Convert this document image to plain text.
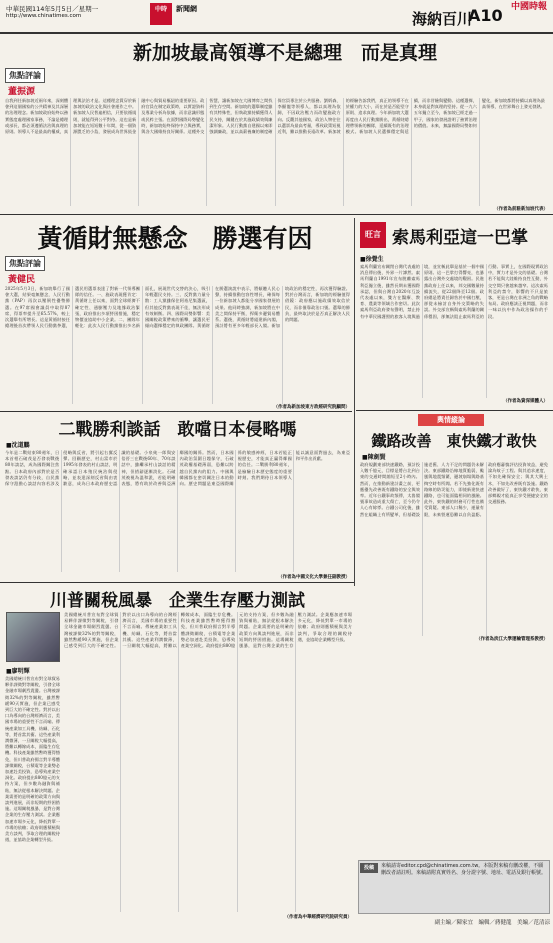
中華民國114年5月5日／星期一
http://www.chinatimes.com
中時	新聞網
海納百川
A10 中國時報
新加坡最高領導不是總理　而是真理
焦點評論
董振源
自我到任新加坡近兩年來，深刻體會到這個國家的公共精神及其深層的治理理念。新加坡政府始終以務實態度處理國家事務，不論是總理或部長，都必須遵循法治與真理的原則。領導人不是最高的權威，真理與法治才是。這種理念貫穿於新加坡的政治文化與社會運作之中。新加坡人民普遍相信，只要依循規則，就能得到公平對待。這也是新加坡能在短短數十年間，從一個資源匱乏的小島，發展成為世界級金融中心與貿易樞紐的重要原因。政府官員在制定政策時，以實證資料及專業分析為依據，而非意識形態或民粹主張。在面對國際局勢變化時，新加坡始終保持中立與務實，與各大國維持良好關係。這種外交智慧，讓新加坡在大國博弈之間找到生存空間。新加坡的選舉制度雖有其特殊性，但執政黨持續獲得人民支持，關鍵在於其施政績效與廉潔形象。人民行動黨自建國以來即強調廉政，並以高薪養廉的制度確保官員專注於公共服務。劉炳森、李顯龍等領導人，都以真理為依歸，不因政治壓力而改變施政方向。反觀其他國家，政治人物往往以選票為最高考量，導致政策短視近利，難以推動長遠改革。新加坡的經驗告訴我們，真正的領導不在於權力的大小，而在於是否能堅守原則、追求真理。今年新加坡大選再度由人民行動黨勝出，黃循財總理帶領新的團隊，延續既有的治理模式。新加坡人民選擇穩定與延續，而非冒險與變動。這種選擇，本身就是對真理的堅持。從一九六五年獨立至今，新加坡已經走過一甲子，國家的發展證明了務實治理的價值。未來，無論國際局勢如何變化，新加坡都將持續以真理為最高領導，在世界舞台上發光發熱。
（作者為前駐新加坡代表）
黃循財無懸念　勝選有因
焦點評論
黃健民
2025年5月3日，新加坡舉行了國會大選，結果毫無懸念，人民行動黨（PAP）再次以壓倒性優勢勝選。在97席國會議員中取得87席，得票率提升至65.57%，較上次選舉有所增長。這是黃循財接任總理後首次帶領人民行動黨參選，選民用選票表達了對新一代領導團隊的信任。一、施政表現獲肯定：黃循財上任以來，面對全球經濟不確定性、通膨壓力及地緣政治緊張，政府推出多項紓困措施，穩定物價並協助中小企業。二、團隊年輕化：此次人民行動黨推出多名新面孔，展現世代交替的決心，吸引年輕選民支持。三、反對黨力量分散：工人黨雖保住阿裕尼集選區，但其他反對黨表現不佳，無法形成有效制衡。四、國際局勢影響：美國關稅政策帶來的衝擊，讓選民更傾向選擇穩定的執政團隊。黃循財在勝選演說中表示，將傾聽人民心聲，持續推動包容性增長，確保每一位新加坡人都能分享國家發展的成果。他同時強調，新加坡將在中美之間保持平衡，捍衛多邊貿易體系。選後，黃循財將組建新內閣，預計將有更多年輕部長入閣。新加坡政治的穩定性，再次獲得驗證。對於台灣而言，新加坡的經驗值得借鏡：政府應以施政績效取信於民，而非僅靠政治口號。選舉的勝負，最終取決於是否真正解決人民的問題。
（作者為新加坡東方政經研究院顧問）
旺言 索馬利亞這一巴掌
■徐覺生
索馬利蘭宣布關閉台灣代表處的消息傳出後，外界一片譁然。索馬利蘭自1991年宣布脫離索馬利亞獨立後，雖然長期未獲國際承認，但與台灣自2020年互設代表處以來，雙方在醫療、教育、農業等領域合作密切。此次索馬利亞政府發布聲明，禁止持有中華民國護照的旅客入境與過境，並宣稱此舉是基於一個中國原則。這一巴掌打得響亮，也暴露出台灣外交處境的艱困。民進黨政府上任以來，邦交國數量持續流失，從22個降至12個。政府總是將責任歸咎於中國打壓，卻從未檢討自身外交策略的失誤。外交部宣稱與索馬利蘭的關係穩固，卻無法阻止索馬利亞的行動。事實上，在國際現實政治中，實力才是外交的基礎。台灣若不能與大陸維持良性互動，外交空間只會越來越窄。這次索馬利亞的禁令，影響的不只是旅客，更是台灣在非洲之角的戰略布局。政府應該正視問題，而非一味以抗中作為政治操作的手段。
（作者為資深媒體人）
二戰勝利談話　敢噹日本侵略嗎
■沈道鵬
今年是二戰結束80週年，日本首相石破茂是否發表戰後80年談話，成為國際關注焦點。日本政府內部對於是否發表談話仍有分歧，自民黨保守派擔心談話內容若涉及侵略與反省，將引起右翼反彈。回顧歷史，村山富市於1995年發表的村山談話，明確承認日本殖民統治與侵略，並表達深刻反省與由衷歉意，成為日本政府歷史認識的基礎。小泉純一郎與安倍晉三在戰後60年、70年談話中，雖繼承村山談話的精神，但措辭逐漸淡化。石破茂被視為溫和派，若能明確表態，將有助於改善與亞洲鄰國的關係。然而，日本國內政治氛圍日趨保守，石破茂政權基礎薄弱，恐難以跨越自民黨內的阻力。中國與韓國都在密切關注日本的動向。歷史問題是東亞國際關係的敏感神經，日本若能正視歷史，才能真正贏得鄰國的信任。二戰勝利80週年，是檢驗日本歷史態度的重要時刻。我們期待日本領導人能以誠意面對過去，為東亞和平作出貢獻。
（作者為中國文化大學兼任副教授）
輿情縱論
鐵路改善　東快鐵才敢快
■陳劍賢
政府規劃東部快速鐵路，預計投入數千億元，目標是將台北到台東的交通時間縮短至2小時內。然而，在推動新建計畫之前，更應優先改善既有鐵路的安全與效率。近年台鐵事故頻傳，太魯閣號事故造成重大傷亡，至今仍令人心有餘悸。台鐵公司化後，雖然在組織上有所變革，但基礎設施老舊、人力不足的問題仍未解決。東部鐵路沿線地質脆弱，颱風與地震頻繁，邊坡崩塌與路基掏空時有所聞。若不先強化既有路線的防災能力，即使新建快速鐵路，也可能面臨相同的風險。此外，東快鐵的財務可行性也備受質疑。東部人口稀少，運量有限，未來營運恐難以自負盈虧。政府應審慎評估投資效益，避免淪為蚊子工程。與其追求速度，不如先確保安全；與其大興土木，不如先改善既有設施。鐵路改善做好了，東快鐵才敢快，東部鄉親才能真正享受便捷安全的交通服務。
（作者為淡江大學運輸管理系教授）
川普關稅風暴　企業生存壓力測試
■廖明輝
美國總統川普宣布對全球貿易夥伴課徵對等關稅，引發全球金融市場劇烈震盪。台灣被課徵32%的對等關稅，雖然暫緩90天實施，但企業已感受到巨大的不確定性。對於以出口為導向的台灣經濟而言，美國市場的重要性不言而喻。傳統產業如工具機、紡織、石化等，將首當其衝。這些產業利潤微薄，一旦關稅大幅提高，將難以轉嫁成本，面臨生存危機。科技產業雖然暫時獲得豁免，但川普政府揚言對半導體課徵關稅，台積電等企業勢必加速赴美投資，恐導致產業空洞化。政府提出880億元的支持方案，但多數為融資與補貼，無法從根本解決問題。企業需要的是明確的政策方向與談判進展，而非短期的紓困措施。這場關稅風暴，是對台灣企業的生存壓力測試。企業應加速市場多元化，降低對單一市場的依賴；政府則應積極與美方談判，爭取合理的關稅待遇，並協助企業轉型升級。
美國總統川普宣布對全球貿易夥伴課徵對等關稅，引發全球金融市場劇烈震盪。台灣被課徵32%的對等關稅，雖然暫緩90天實施，但企業已感受到巨大的不確定性。對於以出口為導向的台灣經濟而言，美國市場的重要性不言而喻。傳統產業如工具機、紡織、石化等，將首當其衝。這些產業利潤微薄，一旦關稅大幅提高，將難以轉嫁成本，面臨生存危機。科技產業雖然暫時獲得豁免，但川普政府揚言對半導體課徵關稅，台積電等企業勢必加速赴美投資，恐導致產業空洞化。政府提出880億元的支持方案，但多數為融資與補貼，無法從根本解決問題。企業需要的是明確的政策方向與談判進展，而非短期的紓困措施。這場關稅風暴，是對台灣企業的生存壓力測試。企業應加速市場多元化，降低對單一市場的依賴；政府則應積極與美方談判，爭取合理的關稅待遇，並協助企業轉型升級。
（作者為中華經濟研究院研究員）
投稿	來稿請寄editor.cpd@chinatimes.com.tw。本版對來稿有刪改權，不願刪改者請註明。來稿請附真實姓名、身分證字號、地址、電話及銀行帳號。
副主編／陳家宜　編輯／蔣健龍　美編／范清涼
